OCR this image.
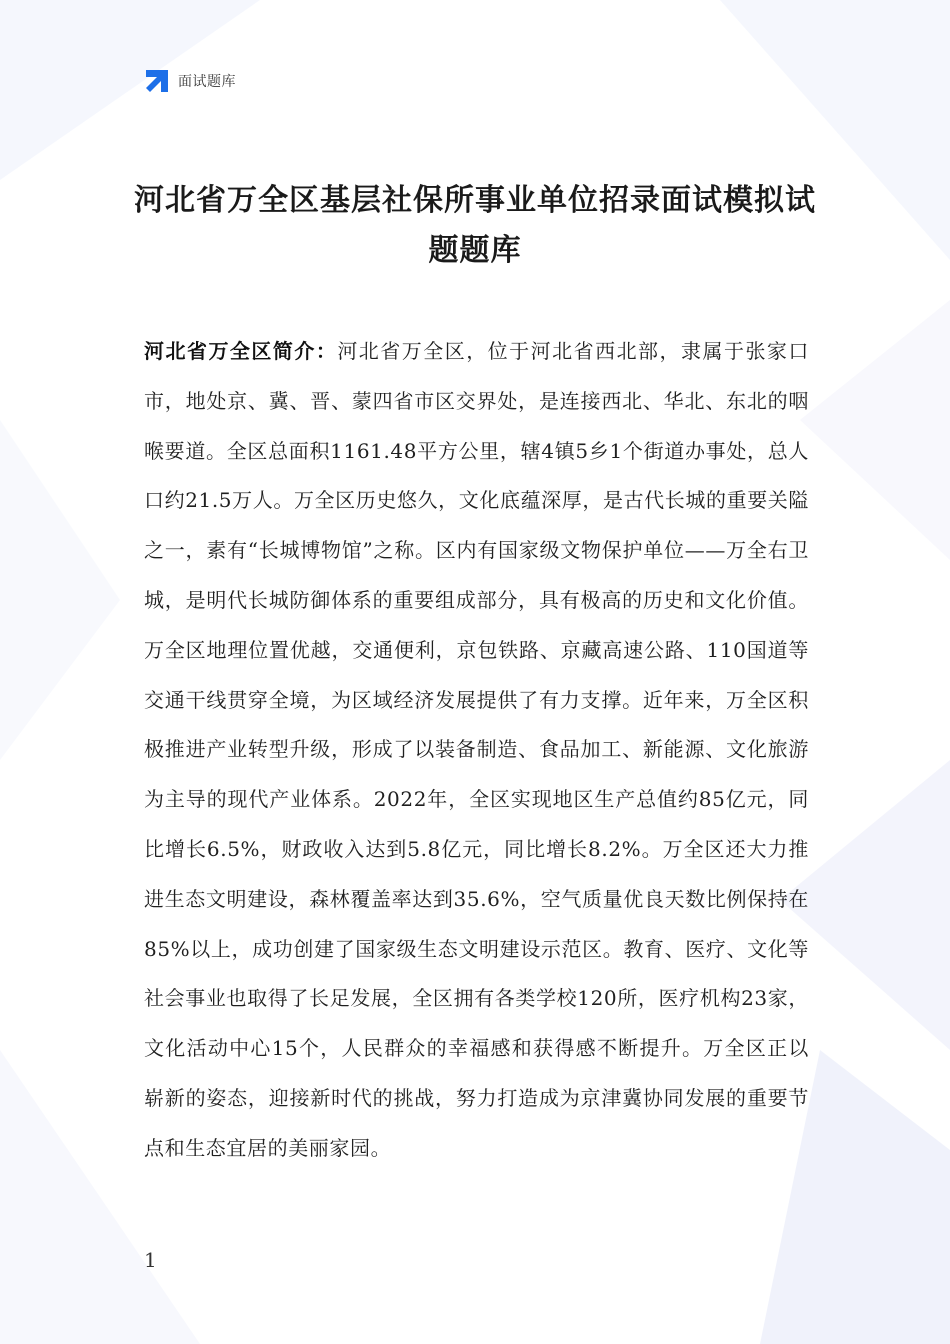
面试题库
河北省万全区基层社保所事业单位招录面试模拟试题题库

河北省万全区简介：河北省万全区，位于河北省西北部，隶属于张家口市，地处京、冀、晋、蒙四省市区交界处，是连接西北、华北、东北的咽喉要道。全区总面积1161.48平方公里，辖4镇5乡1个街道办事处，总人口约21.5万人。万全区历史悠久，文化底蕴深厚，是古代长城的重要关隘之一，素有“长城博物馆”之称。区内有国家级文物保护单位——万全右卫城，是明代长城防御体系的重要组成部分，具有极高的历史和文化价值。万全区地理位置优越，交通便利，京包铁路、京藏高速公路、110国道等交通干线贯穿全境，为区域经济发展提供了有力支撑。近年来，万全区积极推进产业转型升级，形成了以装备制造、食品加工、新能源、文化旅游为主导的现代产业体系。2022年，全区实现地区生产总值约85亿元，同比增长6.5%，财政收入达到5.8亿元，同比增长8.2%。万全区还大力推进生态文明建设，森林覆盖率达到35.6%，空气质量优良天数比例保持在85%以上，成功创建了国家级生态文明建设示范区。教育、医疗、文化等社会事业也取得了长足发展，全区拥有各类学校120所，医疗机构23家，文化活动中心15个，人民群众的幸福感和获得感不断提升。万全区正以崭新的姿态，迎接新时代的挑战，努力打造成为京津冀协同发展的重要节点和生态宜居的美丽家园。

1
